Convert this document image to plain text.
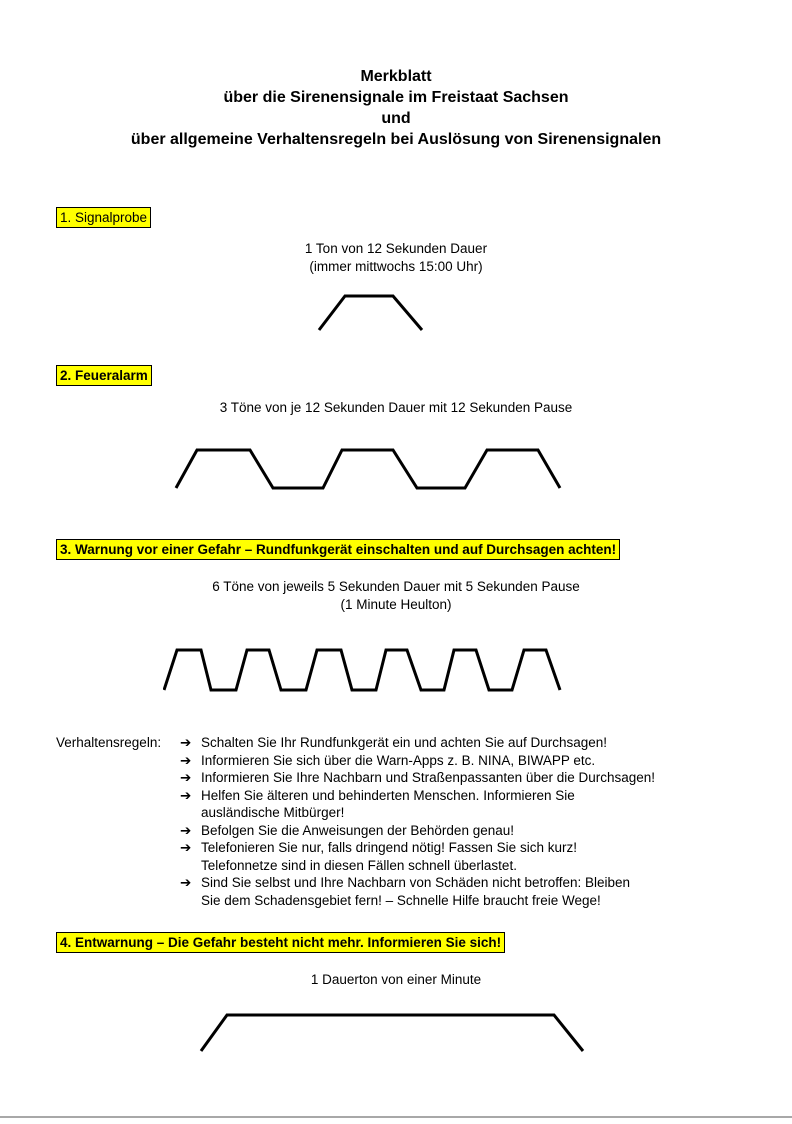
Merkblatt
über die Sirenensignale im Freistaat Sachsen
und
über allgemeine Verhaltensregeln bei Auslösung von Sirenensignalen
1. Signalprobe
1 Ton von 12 Sekunden Dauer
(immer mittwochs 15:00 Uhr)
2. Feueralarm
3 Töne von je 12 Sekunden Dauer mit 12 Sekunden Pause
3. Warnung vor einer Gefahr – Rundfunkgerät einschalten und auf Durchsagen achten!
6 Töne von jeweils 5 Sekunden Dauer mit 5 Sekunden Pause
(1 Minute Heulton)
Verhaltensregeln:	➔ Schalten Sie Ihr Rundfunkgerät ein und achten Sie auf Durchsagen!
➔ Informieren Sie sich über die Warn-Apps z. B. NINA, BIWAPP etc.
➔ Informieren Sie Ihre Nachbarn und Straßenpassanten über die Durchsagen!
➔ Helfen Sie älteren und behinderten Menschen. Informieren Sie
ausländische Mitbürger!
➔ Befolgen Sie die Anweisungen der Behörden genau!
➔ Telefonieren Sie nur, falls dringend nötig! Fassen Sie sich kurz!
Telefonnetze sind in diesen Fällen schnell überlastet.
➔ Sind Sie selbst und Ihre Nachbarn von Schäden nicht betroffen: Bleiben
Sie dem Schadensgebiet fern! – Schnelle Hilfe braucht freie Wege!
4. Entwarnung – Die Gefahr besteht nicht mehr. Informieren Sie sich!
1 Dauerton von einer Minute
